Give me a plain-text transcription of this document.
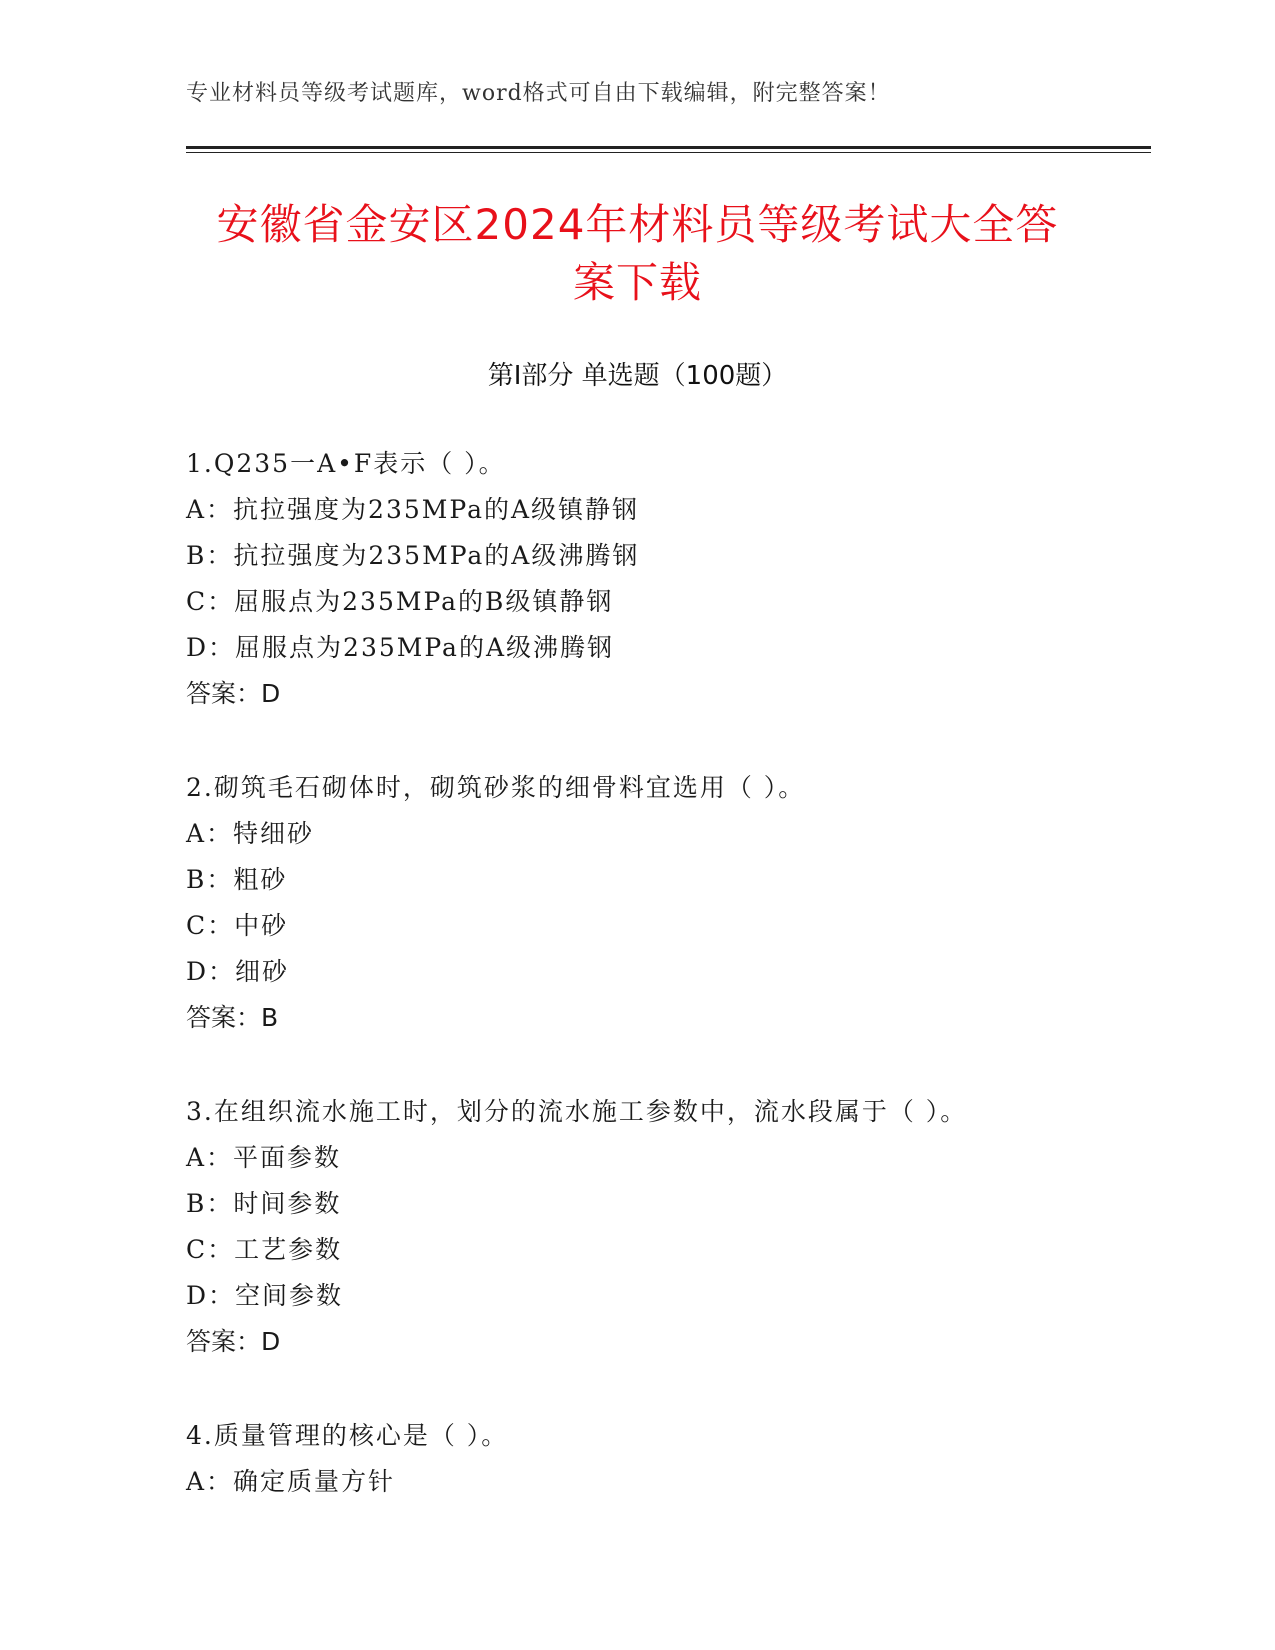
专业材料员等级考试题库，word格式可自由下载编辑，附完整答案！
安徽省金安区2024年材料员等级考试大全答
案下载
第Ⅰ部分 单选题（100题）
1.Q235一A•F表示（ ）。
A：抗拉强度为235MPa的A级镇静钢
B：抗拉强度为235MPa的A级沸腾钢
C：屈服点为235MPa的B级镇静钢
D：屈服点为235MPa的A级沸腾钢
答案：D
2.砌筑毛石砌体时，砌筑砂浆的细骨料宜选用（ ）。
A：特细砂
B：粗砂
C：中砂
D：细砂
答案：B
3.在组织流水施工时，划分的流水施工参数中，流水段属于（ ）。
A：平面参数
B：时间参数
C：工艺参数
D：空间参数
答案：D
4.质量管理的核心是（ ）。
A：确定质量方针
